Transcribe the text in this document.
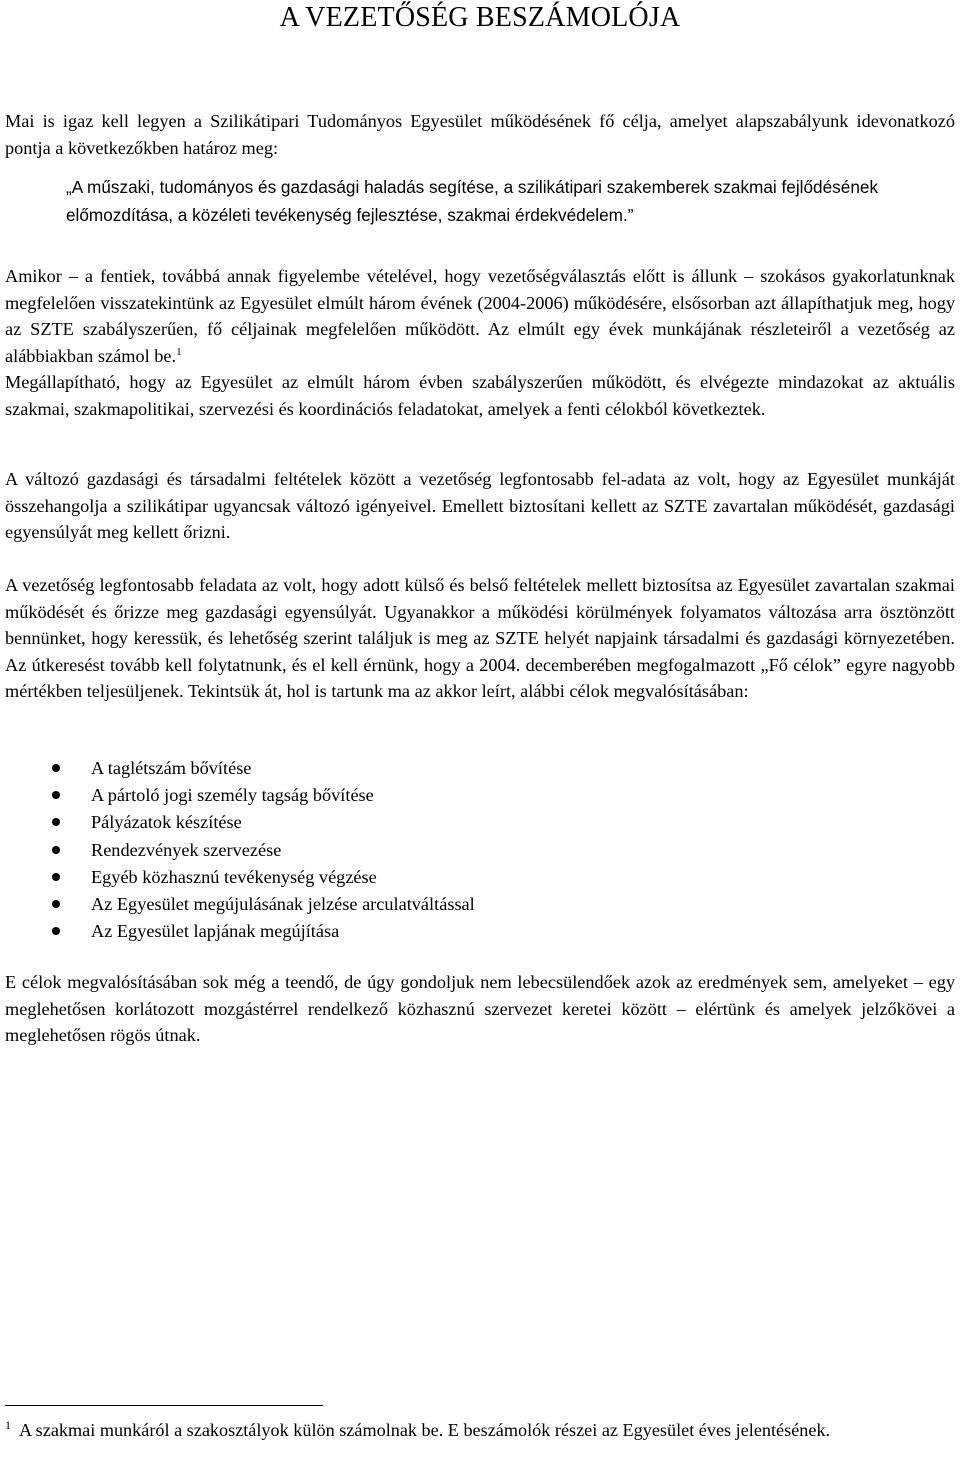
A VEZETŐSÉG BESZÁMOLÓJA

Mai is igaz kell legyen a Szilikátipari Tudományos Egyesület működésének fő célja, amelyet alapszabályunk idevonatkozó pontja a következőkben határoz meg:

„A műszaki, tudományos és gazdasági haladás segítése, a szilikátipari szakemberek szakmai fejlődésének előmozdítása, a közéleti tevékenység fejlesztése, szakmai érdekvédelem.”

Amikor – a fentiek, továbbá annak figyelembe vételével, hogy vezetőségválasztás előtt is állunk – szokásos gyakorlatunknak megfelelően visszatekintünk az Egyesület elmúlt három évének (2004-2006) működésére, elsősorban azt állapíthatjuk meg, hogy az SZTE szabályszerűen, fő céljainak megfelelően működött. Az elmúlt egy évek munkájának részleteiről a vezetőség az alábbiakban számol be.$^1$
Megállapítható, hogy az Egyesület az elmúlt három évben szabályszerűen működött, és elvégezte mindazokat az aktuális szakmai, szakmapolitikai, szervezési és koordinációs feladatokat, amelyek a fenti célokból következtek.

A változó gazdasági és társadalmi feltételek között a vezetőség legfontosabb fel-adata az volt, hogy az Egyesület munkáját összehangolja a szilikátipar ugyancsak változó igényeivel. Emellett biztosítani kellett az SZTE zavartalan működését, gazdasági egyensúlyát meg kellett őrizni.

A vezetőség legfontosabb feladata az volt, hogy adott külső és belső feltételek mellett biztosítsa az Egyesület zavartalan szakmai működését és őrizze meg gazdasági egyensúlyát. Ugyanakkor a működési körülmények folyamatos változása arra ösztönzött bennünket, hogy keressük, és lehetőség szerint találjuk is meg az SZTE helyét napjaink társadalmi és gazdasági környezetében. Az útkeresést tovább kell folytatnunk, és el kell érnünk, hogy a 2004. decemberében megfogalmazott „Fő célok” egyre nagyobb mértékben teljesüljenek. Tekintsük át, hol is tartunk ma az akkor leírt, alábbi célok megvalósításában:

A taglétszám bővítése
A pártoló jogi személy tagság bővítése
Pályázatok készítése
Rendezvények szervezése
Egyéb közhasznú tevékenység végzése
Az Egyesület megújulásának jelzése arculatváltással
Az Egyesület lapjának megújítása

E célok megvalósításában sok még a teendő, de úgy gondoljuk nem lebecsülendőek azok az eredmények sem, amelyeket – egy meglehetősen korlátozott mozgástérrel rendelkező közhasznú szervezet keretei között – elértünk és amelyek jelzőkövei a meglehetősen rögös útnak.

$^1$ A szakmai munkáról a szakosztályok külön számolnak be. E beszámolók részei az Egyesület éves jelentésének.
